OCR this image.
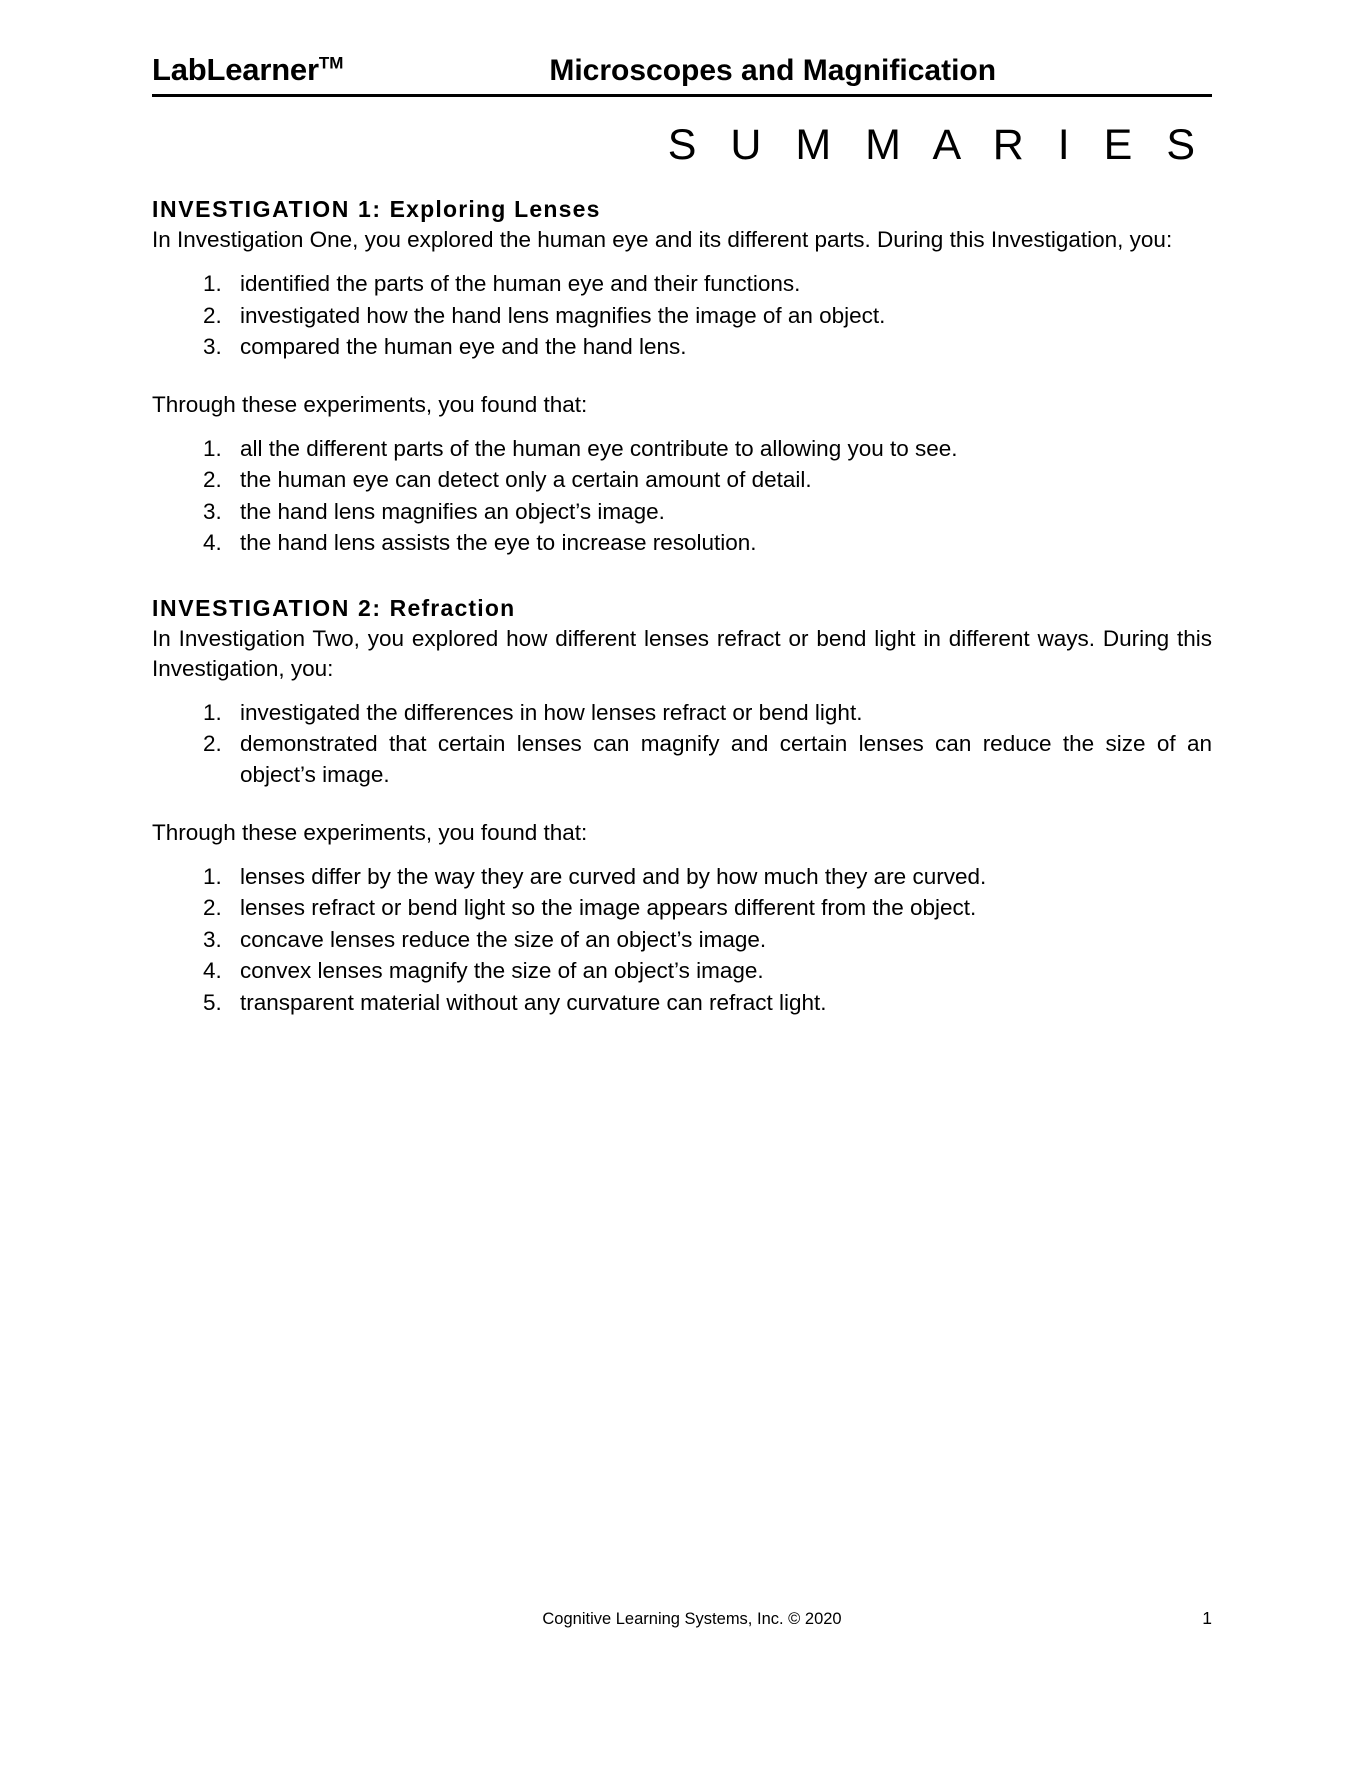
LabLearner™	Microscopes and Magnification
S U M M A R I E S
INVESTIGATION 1: Exploring Lenses

In Investigation One, you explored the human eye and its different parts. During this Investigation, you:

1. identified the parts of the human eye and their functions.
2. investigated how the hand lens magnifies the image of an object.
3. compared the human eye and the hand lens.

Through these experiments, you found that:

1. all the different parts of the human eye contribute to allowing you to see.
2. the human eye can detect only a certain amount of detail.
3. the hand lens magnifies an object’s image.
4. the hand lens assists the eye to increase resolution.
INVESTIGATION 2: Refraction

In Investigation Two, you explored how different lenses refract or bend light in different ways. During this Investigation, you:

1. investigated the differences in how lenses refract or bend light.
2. demonstrated that certain lenses can magnify and certain lenses can reduce the size of an object’s image.

Through these experiments, you found that:

1. lenses differ by the way they are curved and by how much they are curved.
2. lenses refract or bend light so the image appears different from the object.
3. concave lenses reduce the size of an object’s image.
4. convex lenses magnify the size of an object’s image.
5. transparent material without any curvature can refract light.
Cognitive Learning Systems, Inc. © 2020	1
